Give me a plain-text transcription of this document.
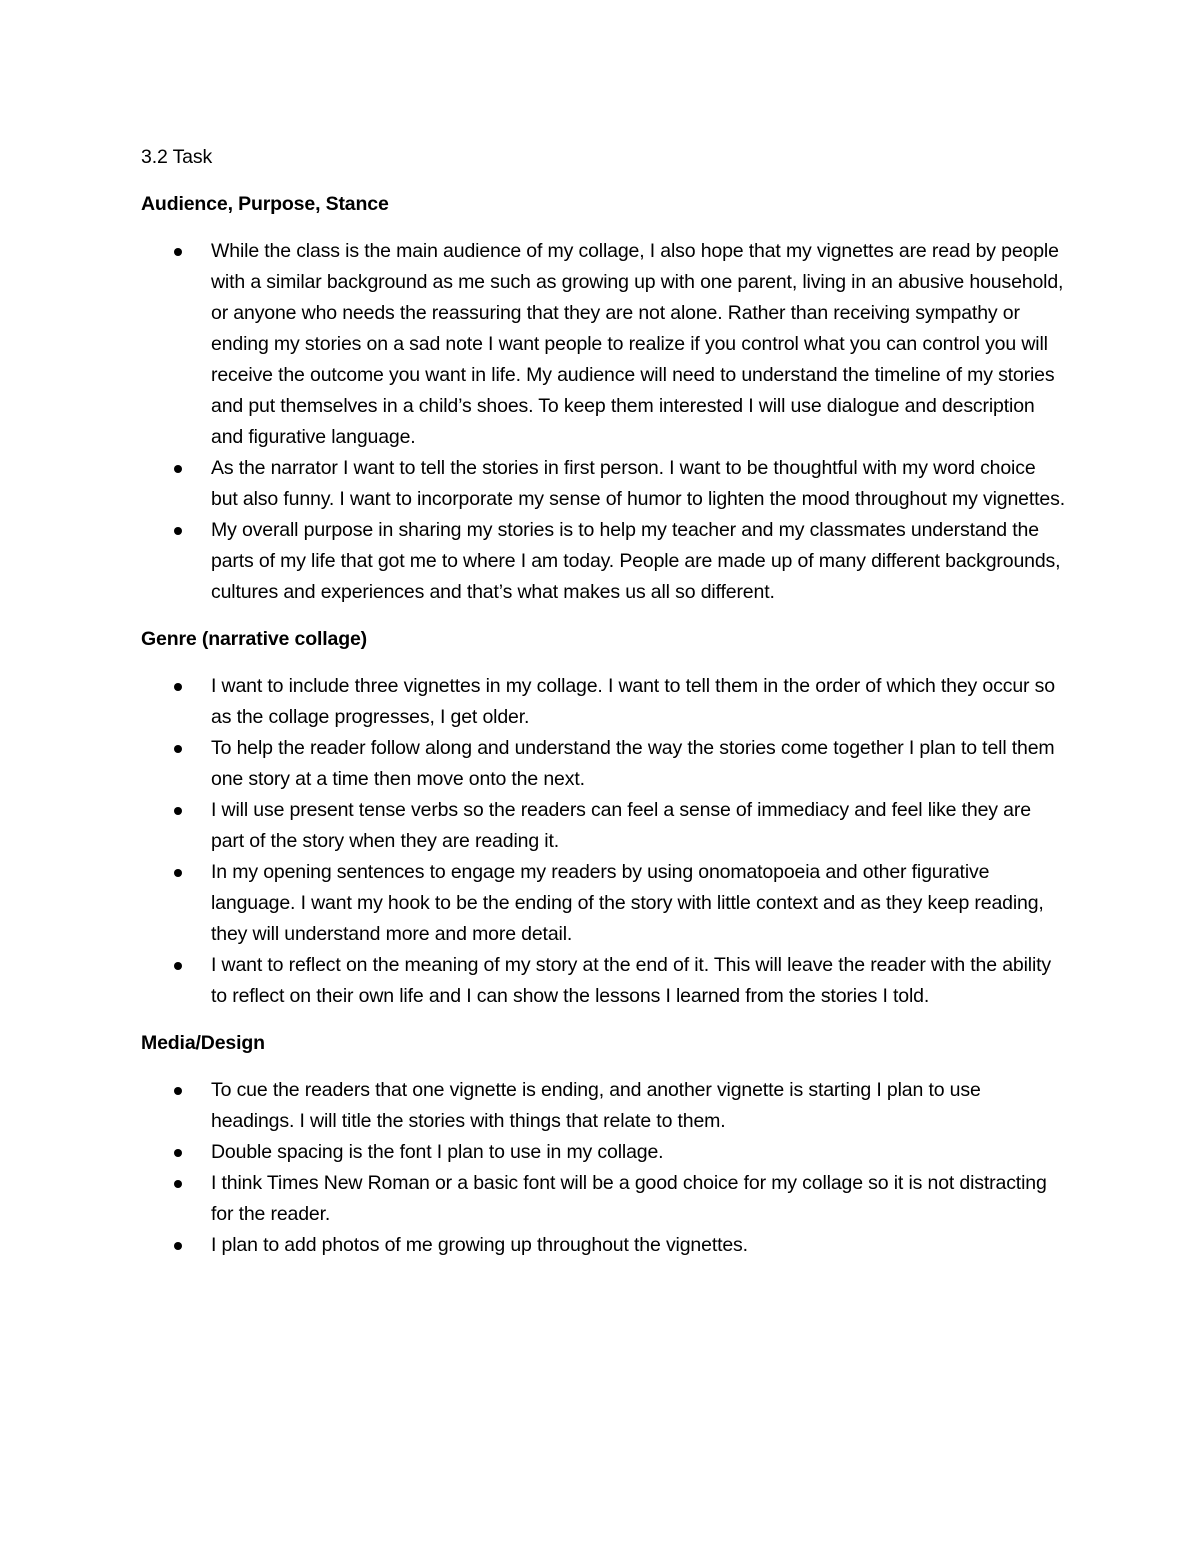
3.2 Task
Audience, Purpose, Stance
While the class is the main audience of my collage, I also hope that my vignettes are read by people with a similar background as me such as growing up with one parent, living in an abusive household, or anyone who needs the reassuring that they are not alone. Rather than receiving sympathy or ending my stories on a sad note I want people to realize if you control what you can control you will receive the outcome you want in life. My audience will need to understand the timeline of my stories and put themselves in a child’s shoes. To keep them interested I will use dialogue and description and figurative language.
As the narrator I want to tell the stories in first person. I want to be thoughtful with my word choice but also funny. I want to incorporate my sense of humor to lighten the mood throughout my vignettes.
My overall purpose in sharing my stories is to help my teacher and my classmates understand the parts of my life that got me to where I am today. People are made up of many different backgrounds, cultures and experiences and that’s what makes us all so different.
Genre (narrative collage)
I want to include three vignettes in my collage. I want to tell them in the order of which they occur so as the collage progresses, I get older.
To help the reader follow along and understand the way the stories come together I plan to tell them one story at a time then move onto the next.
I will use present tense verbs so the readers can feel a sense of immediacy and feel like they are part of the story when they are reading it.
In my opening sentences to engage my readers by using onomatopoeia and other figurative language. I want my hook to be the ending of the story with little context and as they keep reading, they will understand more and more detail.
I want to reflect on the meaning of my story at the end of it. This will leave the reader with the ability to reflect on their own life and I can show the lessons I learned from the stories I told.
Media/Design
To cue the readers that one vignette is ending, and another vignette is starting I plan to use headings. I will title the stories with things that relate to them.
Double spacing is the font I plan to use in my collage.
I think Times New Roman or a basic font will be a good choice for my collage so it is not distracting for the reader.
I plan to add photos of me growing up throughout the vignettes.
